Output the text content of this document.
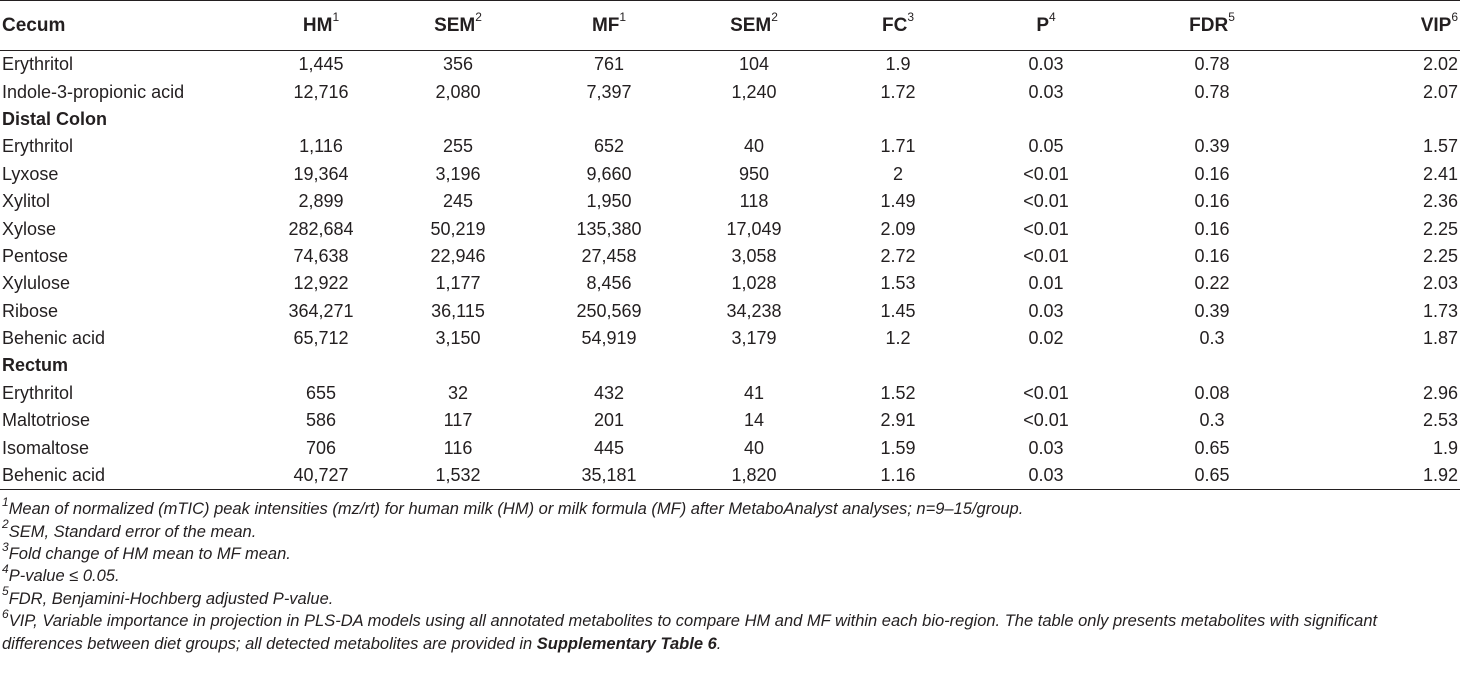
Cecum	$HM^1$	SEM$^2$	$MF^1$	SEM$^2$	$FC^3$	$P^4$	FDR$^5$	VIP$^6$
Erythritol	1,445	356	761	104	1.9	0.03	0.78	2.02
Indole-3-propionic acid	12,716	2,080	7,397	1,240	1.72	0.03	0.78	2.07
Distal Colon								
Erythritol	1,116	255	652	40	1.71	0.05	0.39	1.57
Lyxose	19,364	3,196	9,660	950	2	<0.01	0.16	2.41
Xylitol	2,899	245	1,950	118	1.49	<0.01	0.16	2.36
Xylose	282,684	50,219	135,380	17,049	2.09	<0.01	0.16	2.25
Pentose	74,638	22,946	27,458	3,058	2.72	<0.01	0.16	2.25
Xylulose	12,922	1,177	8,456	1,028	1.53	0.01	0.22	2.03
Ribose	364,271	36,115	250,569	34,238	1.45	0.03	0.39	1.73
Behenic acid	65,712	3,150	54,919	3,179	1.2	0.02	0.3	1.87
Rectum								
Erythritol	655	32	432	41	1.52	<0.01	0.08	2.96
Maltotriose	586	117	201	14	2.91	<0.01	0.3	2.53
Isomaltose	706	116	445	40	1.59	0.03	0.65	1.9
Behenic acid	40,727	1,532	35,181	1,820	1.16	0.03	0.65	1.92
$^1$Mean of normalized (mTIC) peak intensities (mz/rt) for human milk (HM) or milk formula (MF) after MetaboAnalyst analyses; n=9–15/group.
$^2$SEM, Standard error of the mean.
$^3$Fold change of HM mean to MF mean.
$^4$P-value ≤ 0.05.
$^5$FDR, Benjamini-Hochberg adjusted P-value.
$^6$VIP, Variable importance in projection in PLS-DA models using all annotated metabolites to compare HM and MF within each bio-region. The table only presents metabolites with significant differences between diet groups; all detected metabolites are provided in Supplementary Table 6.
